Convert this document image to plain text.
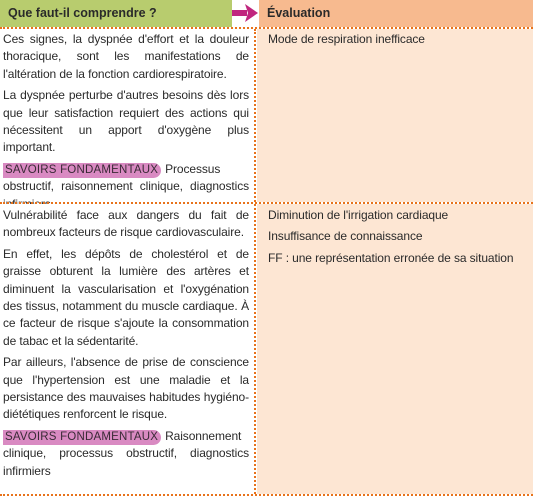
Que faut-il comprendre ?	Évaluation

Ces signes, la dyspnée d'effort et la douleur thoracique, sont les manifestations de l'altération de la fonction cardiorespiratoire.

La dyspnée perturbe d'autres besoins dès lors que leur satisfaction requiert des actions qui nécessitent un apport d'oxygène plus important.

SAVOIRS FONDAMENTAUX Processus obstructif, raisonnement clinique, diagnostics

Mode de respiration inefficace

Vulnérabilité face aux dangers du fait de nombreux facteurs de risque cardiovasculaire.

En effet, les dépôts de cholestérol et de graisse obturent la lumière des artères et diminuent la vascularisation et l'oxygénation des tissus, notamment du muscle cardiaque. À ce facteur de risque s'ajoute la consommation de tabac et la sédentarité.

Par ailleurs, l'absence de prise de conscience que l'hypertension est une maladie et la persistance des mauvaises habitudes hygiéno-diététiques renforcent le risque.

SAVOIRS FONDAMENTAUX Raisonnement clinique, processus obstructif, diagnostics infirmiers

Diminution de l'irrigation cardiaque

Insuffisance de connaissance

FF : une représentation erronée de sa situation
